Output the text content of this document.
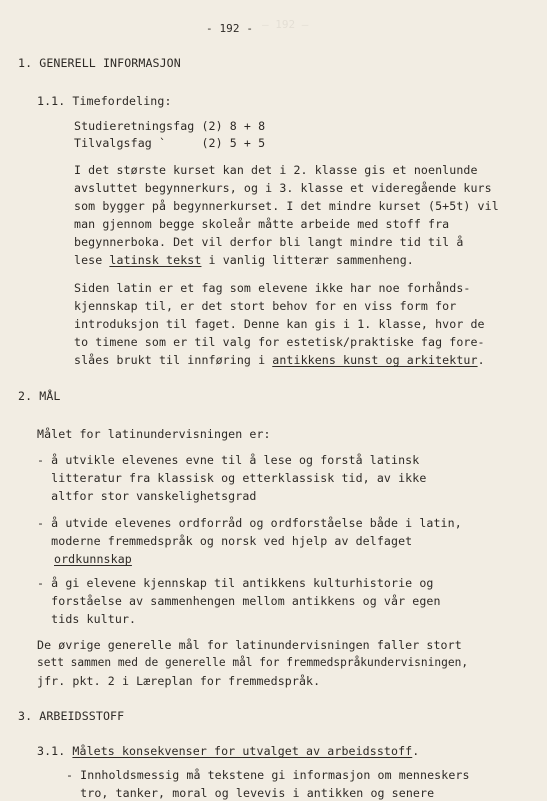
– 192 –
- 192 -
1. GENERELL INFORMASJON
1.1. Timefordeling:
Studieretningsfag (2) 8 + 8
Tilvalgsfag `     (2) 5 + 5
I det største kurset kan det i 2. klasse gis et noenlunde
avsluttet begynnerkurs, og i 3. klasse et videregående kurs
som bygger på begynnerkurset. I det mindre kurset (5+5t) vil
man gjennom begge skoleår måtte arbeide med stoff fra
begynnerboka. Det vil derfor bli langt mindre tid til å
lese latinsk tekst i vanlig litterær sammenheng.
Siden latin er et fag som elevene ikke har noe forhånds-
kjennskap til, er det stort behov for en viss form for
introduksjon til faget. Denne kan gis i 1. klasse, hvor de
to timene som er til valg for estetisk/praktiske fag fore-
slåes brukt til innføring i antikkens kunst og arkitektur.
2. MÅL
Målet for latinundervisningen er:
- å utvikle elevenes evne til å lese og forstå latinsk
litteratur fra klassisk og etterklassisk tid, av ikke
altfor stor vanskelighetsgrad
- å utvide elevenes ordforråd og ordforståelse både i latin,
moderne fremmedspråk og norsk ved hjelp av delfaget
ordkunnskap
- å gi elevene kjennskap til antikkens kulturhistorie og
forståelse av sammenhengen mellom antikkens og vår egen
tids kultur.
De øvrige generelle mål for latinundervisningen faller stort
sett sammen med de generelle mål for fremmedspråkundervisningen,
jfr. pkt. 2 i Læreplan for fremmedspråk.
3. ARBEIDSSTOFF
3.1. Målets konsekvenser for utvalget av arbeidsstoff.
- Innholdsmessig må tekstene gi informasjon om menneskers
tro, tanker, moral og levevis i antikken og senere
